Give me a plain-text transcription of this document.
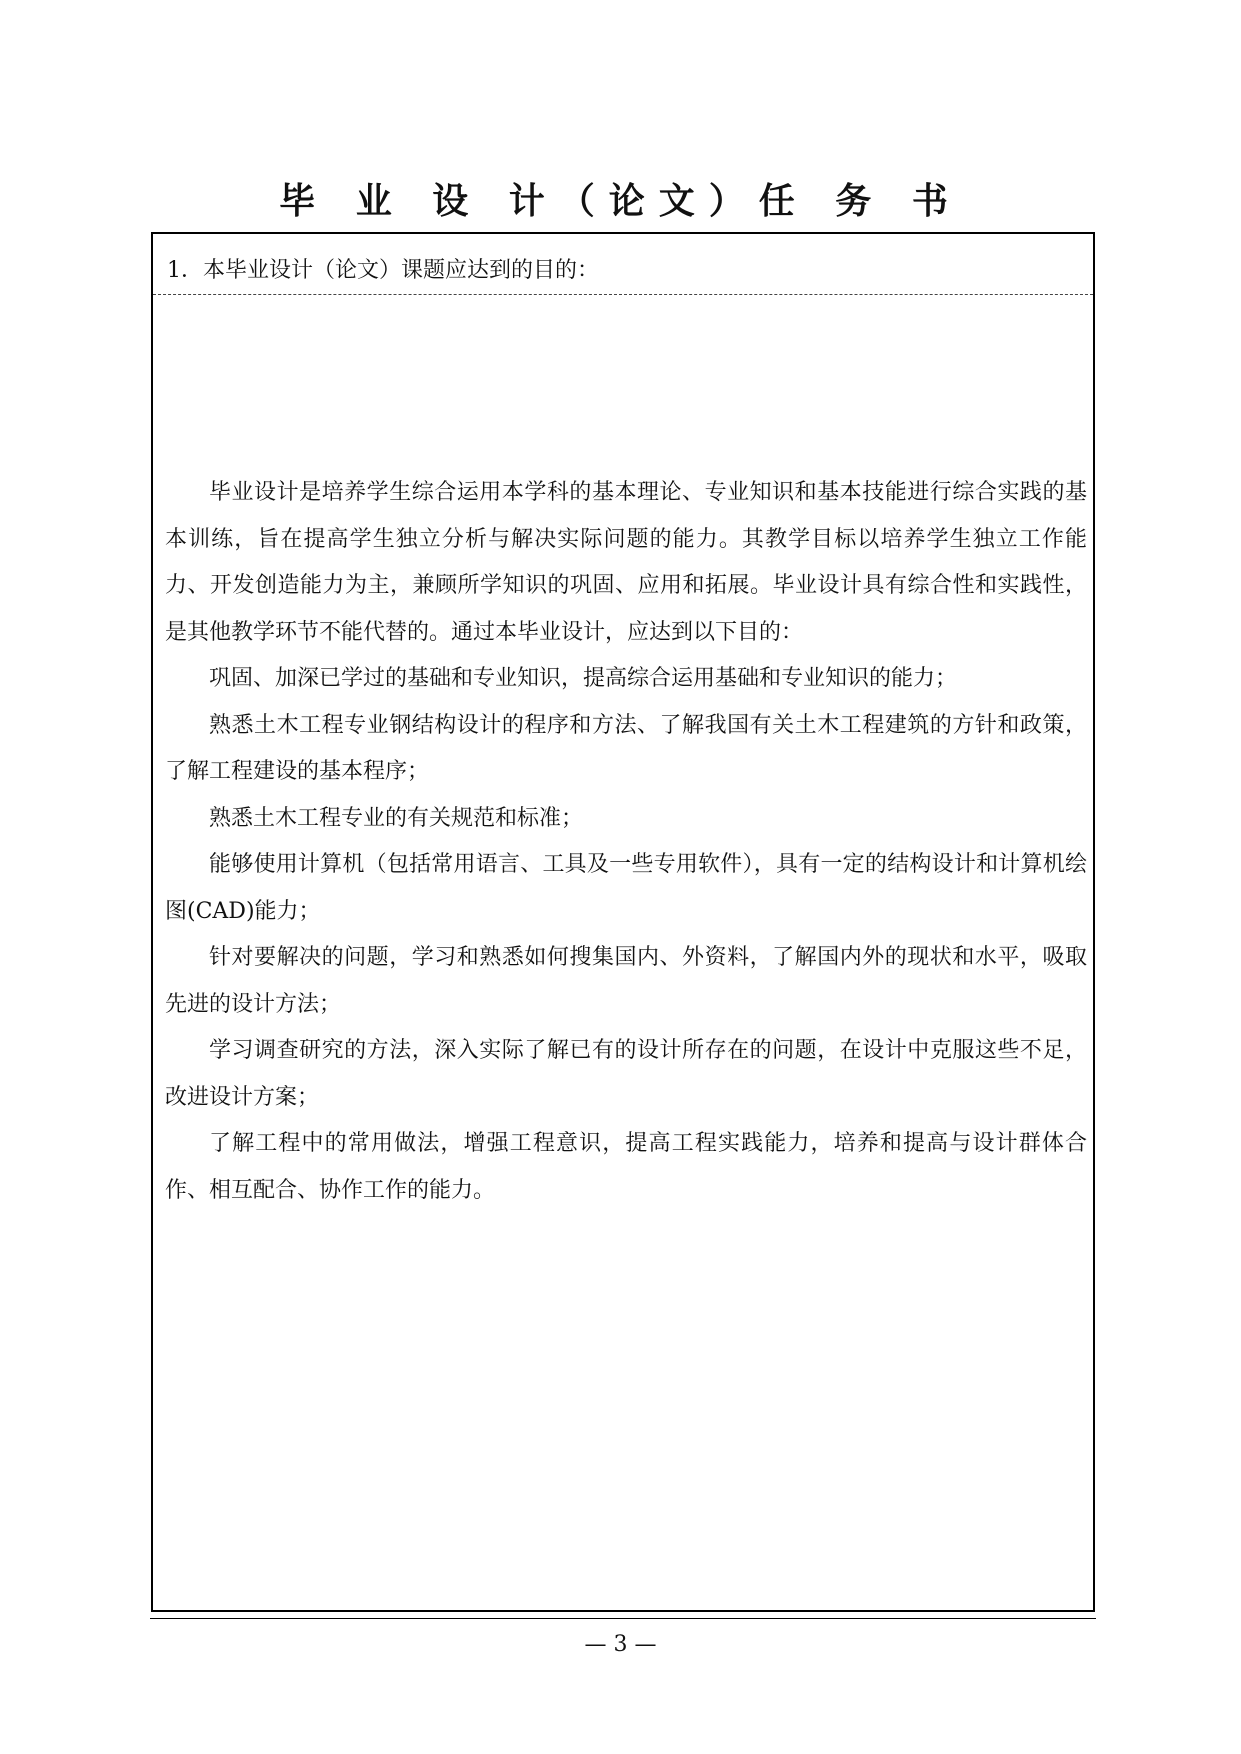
毕 业 设 计（论文）任 务 书
1．本毕业设计（论文）课题应达到的目的：

毕业设计是培养学生综合运用本学科的基本理论、专业知识和基本技能进行综合实践的基本训练，旨在提高学生独立分析与解决实际问题的能力。其教学目标以培养学生独立工作能力、开发创造能力为主，兼顾所学知识的巩固、应用和拓展。毕业设计具有综合性和实践性，是其他教学环节不能代替的。通过本毕业设计，应达到以下目的：

巩固、加深已学过的基础和专业知识，提高综合运用基础和专业知识的能力；

熟悉土木工程专业钢结构设计的程序和方法、了解我国有关土木工程建筑的方针和政策，了解工程建设的基本程序；

熟悉土木工程专业的有关规范和标准；

能够使用计算机（包括常用语言、工具及一些专用软件），具有一定的结构设计和计算机绘图(CAD)能力；

针对要解决的问题，学习和熟悉如何搜集国内、外资料，了解国内外的现状和水平，吸取先进的设计方法；

学习调查研究的方法，深入实际了解已有的设计所存在的问题，在设计中克服这些不足，改进设计方案；

了解工程中的常用做法，增强工程意识，提高工程实践能力，培养和提高与设计群体合作、相互配合、协作工作的能力。

— 3 —
